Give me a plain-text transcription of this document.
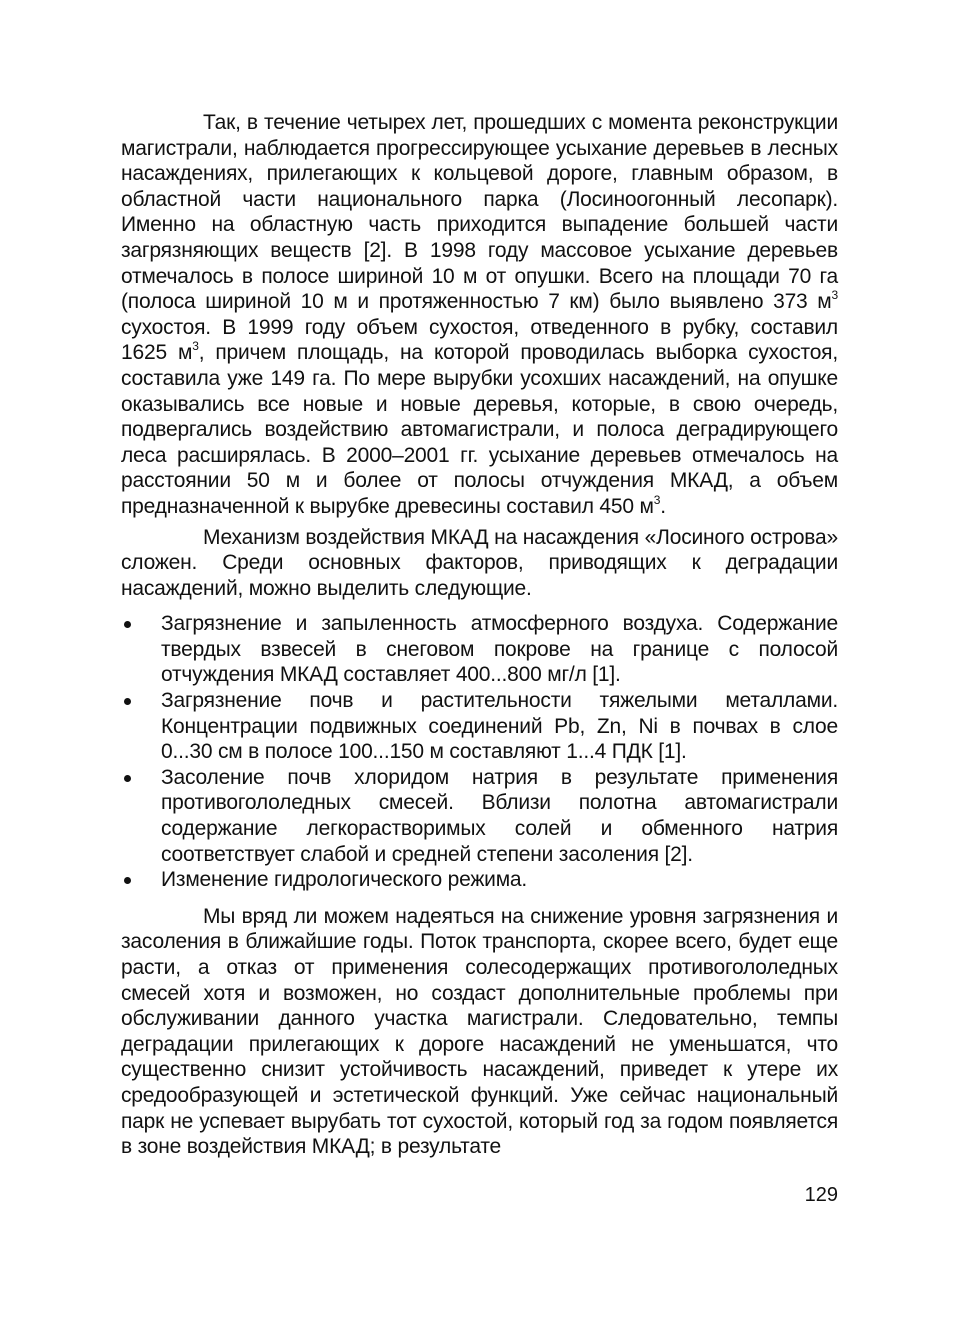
Так, в течение четырех лет, прошедших с момента реконструкции магистрали, наблюдается прогрессирующее усыхание деревьев в лесных насаждениях, прилегающих к кольцевой дороге, главным образом, в областной части национального парка (Лосиноогонный лесопарк). Именно на областную часть приходится выпадение большей части загрязняющих веществ [2]. В 1998 году массовое усыхание деревьев отмечалось в полосе шириной 10 м от опушки. Всего на площади 70 га (полоса шириной 10 м и протяженностью 7 км) было выявлено 373 $м^3$ сухостоя. В 1999 году объем сухостоя, отведенного в рубку, составил 1625 $м^3$, причем площадь, на которой проводилась выборка сухостоя, составила уже 149 га. По мере вырубки усохших насаждений, на опушке оказывались все новые и новые деревья, которые, в свою очередь, подвергались воздействию автомагистрали, и полоса деградирующего леса расширялась. В 2000–2001 гг. усыхание деревьев отмечалось на расстоянии 50 м и более от полосы отчуждения МКАД, а объем предназначенной к вырубке древесины составил 450 $м^3$.

Механизм воздействия МКАД на насаждения «Лосиного острова» сложен. Среди основных факторов, приводящих к деградации насаждений, можно выделить следующие.

Загрязнение и запыленность атмосферного воздуха. Содержание твердых взвесей в снеговом покрове на границе с полосой отчуждения МКАД составляет 400...800 мг/л [1].
Загрязнение почв и растительности тяжелыми металлами. Концентрации подвижных соединений Pb, Zn, Ni в почвах в слое 0...30 см в полосе 100...150 м составляют 1...4 ПДК [1].
Засоление почв хлоридом натрия в результате применения противогололедных смесей. Вблизи полотна автомагистрали содержание легкорастворимых солей и обменного натрия соответствует слабой и средней степени засоления [2].
Изменение гидрологического режима.

Мы вряд ли можем надеяться на снижение уровня загрязнения и засоления в ближайшие годы. Поток транспорта, скорее всего, будет еще расти, а отказ от применения солесодержащих противогололедных смесей хотя и возможен, но создаст дополнительные проблемы при обслуживании данного участка магистрали. Следовательно, темпы деградации прилегающих к дороге насаждений не уменьшатся, что существенно снизит устойчивость насаждений, приведет к утере их средообразующей и эстетической функций. Уже сейчас национальный парк не успевает вырубать тот сухостой, который год за годом появляется в зоне воздействия МКАД; в результате

129
